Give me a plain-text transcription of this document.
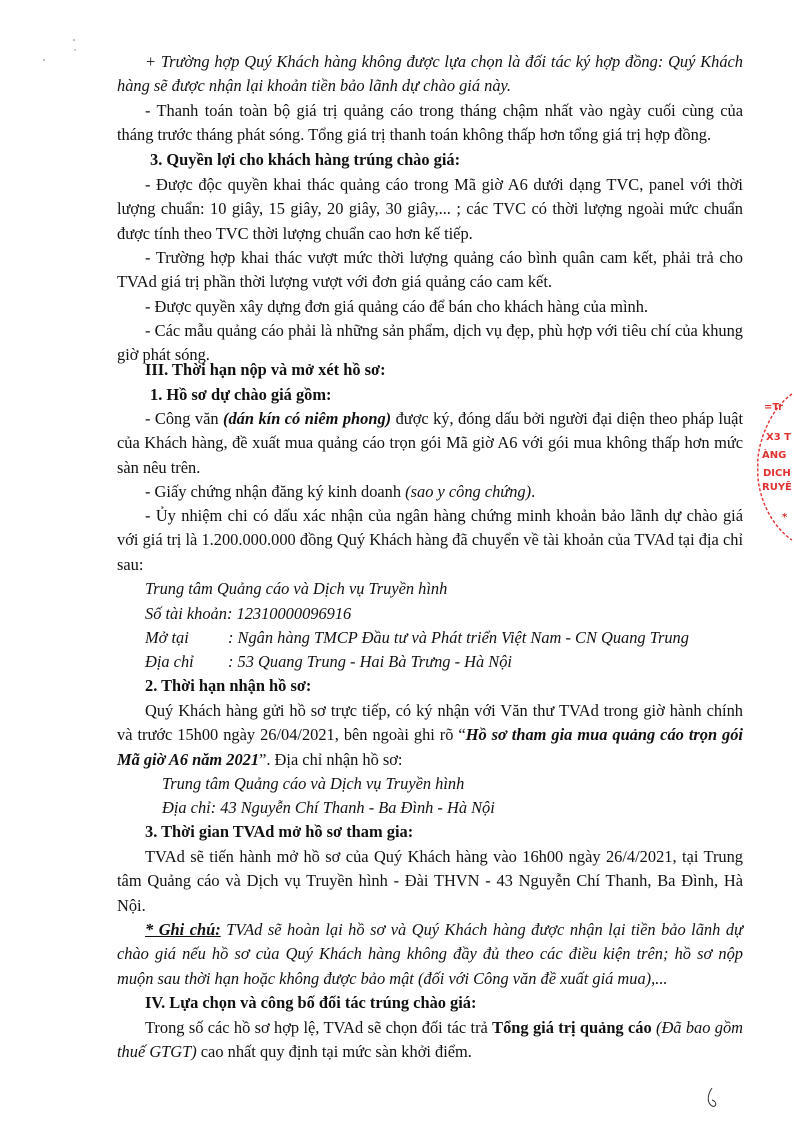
+ Trường hợp Quý Khách hàng không được lựa chọn là đối tác ký hợp đồng: Quý Khách hàng sẽ được nhận lại khoản tiền bảo lãnh dự chào giá này.

- Thanh toán toàn bộ giá trị quảng cáo trong tháng chậm nhất vào ngày cuối cùng của tháng trước tháng phát sóng. Tổng giá trị thanh toán không thấp hơn tổng giá trị hợp đồng.

3. Quyền lợi cho khách hàng trúng chào giá:

- Được độc quyền khai thác quảng cáo trong Mã giờ A6 dưới dạng TVC, panel với thời lượng chuẩn: 10 giây, 15 giây, 20 giây, 30 giây,... ; các TVC có thời lượng ngoài mức chuẩn được tính theo TVC thời lượng chuẩn cao hơn kế tiếp.

- Trường hợp khai thác vượt mức thời lượng quảng cáo bình quân cam kết, phải trả cho TVAd giá trị phần thời lượng vượt với đơn giá quảng cáo cam kết.

- Được quyền xây dựng đơn giá quảng cáo để bán cho khách hàng của mình.

- Các mẫu quảng cáo phải là những sản phẩm, dịch vụ đẹp, phù hợp với tiêu chí của khung giờ phát sóng.

III. Thời hạn nộp và mở xét hồ sơ:

1. Hồ sơ dự chào giá gồm:

- Công văn (dán kín có niêm phong) được ký, đóng dấu bởi người đại diện theo pháp luật của Khách hàng, đề xuất mua quảng cáo trọn gói Mã giờ A6 với gói mua không thấp hơn mức sàn nêu trên.

- Giấy chứng nhận đăng ký kinh doanh (sao y công chứng).

- Ủy nhiệm chi có dấu xác nhận của ngân hàng chứng minh khoản bảo lãnh dự chào giá với giá trị là 1.200.000.000 đồng Quý Khách hàng đã chuyển về tài khoản của TVAd tại địa chỉ sau:

Trung tâm Quảng cáo và Dịch vụ Truyền hình

Số tài khoản: 12310000096916

Mở tại : Ngân hàng TMCP Đầu tư và Phát triển Việt Nam - CN Quang Trung

Địa chỉ : 53 Quang Trung - Hai Bà Trưng - Hà Nội

2. Thời hạn nhận hồ sơ:

Quý Khách hàng gửi hồ sơ trực tiếp, có ký nhận với Văn thư TVAd trong giờ hành chính và trước 15h00 ngày 26/04/2021, bên ngoài ghi rõ “Hồ sơ tham gia mua quảng cáo trọn gói Mã giờ A6 năm 2021”. Địa chỉ nhận hồ sơ:

Trung tâm Quảng cáo và Dịch vụ Truyền hình

Địa chỉ: 43 Nguyễn Chí Thanh - Ba Đình - Hà Nội

3. Thời gian TVAd mở hồ sơ tham gia:

TVAd sẽ tiến hành mở hồ sơ của Quý Khách hàng vào 16h00 ngày 26/4/2021, tại Trung tâm Quảng cáo và Dịch vụ Truyền hình - Đài THVN - 43 Nguyễn Chí Thanh, Ba Đình, Hà Nội.

* Ghi chú: TVAd sẽ hoàn lại hồ sơ và Quý Khách hàng được nhận lại tiền bảo lãnh dự chào giá nếu hồ sơ của Quý Khách hàng không đầy đủ theo các điều kiện trên; hồ sơ nộp muộn sau thời hạn hoặc không được bảo mật (đối với Công văn đề xuất giá mua),...

IV. Lựa chọn và công bố đối tác trúng chào giá:

Trong số các hồ sơ hợp lệ, TVAd sẽ chọn đối tác trả Tổng giá trị quảng cáo (Đã bao gồm thuế GTGT) cao nhất quy định tại mức sàn khởi điểm.

=Tr
X3 T
ÀNG
DICH
RUYÊ
*
